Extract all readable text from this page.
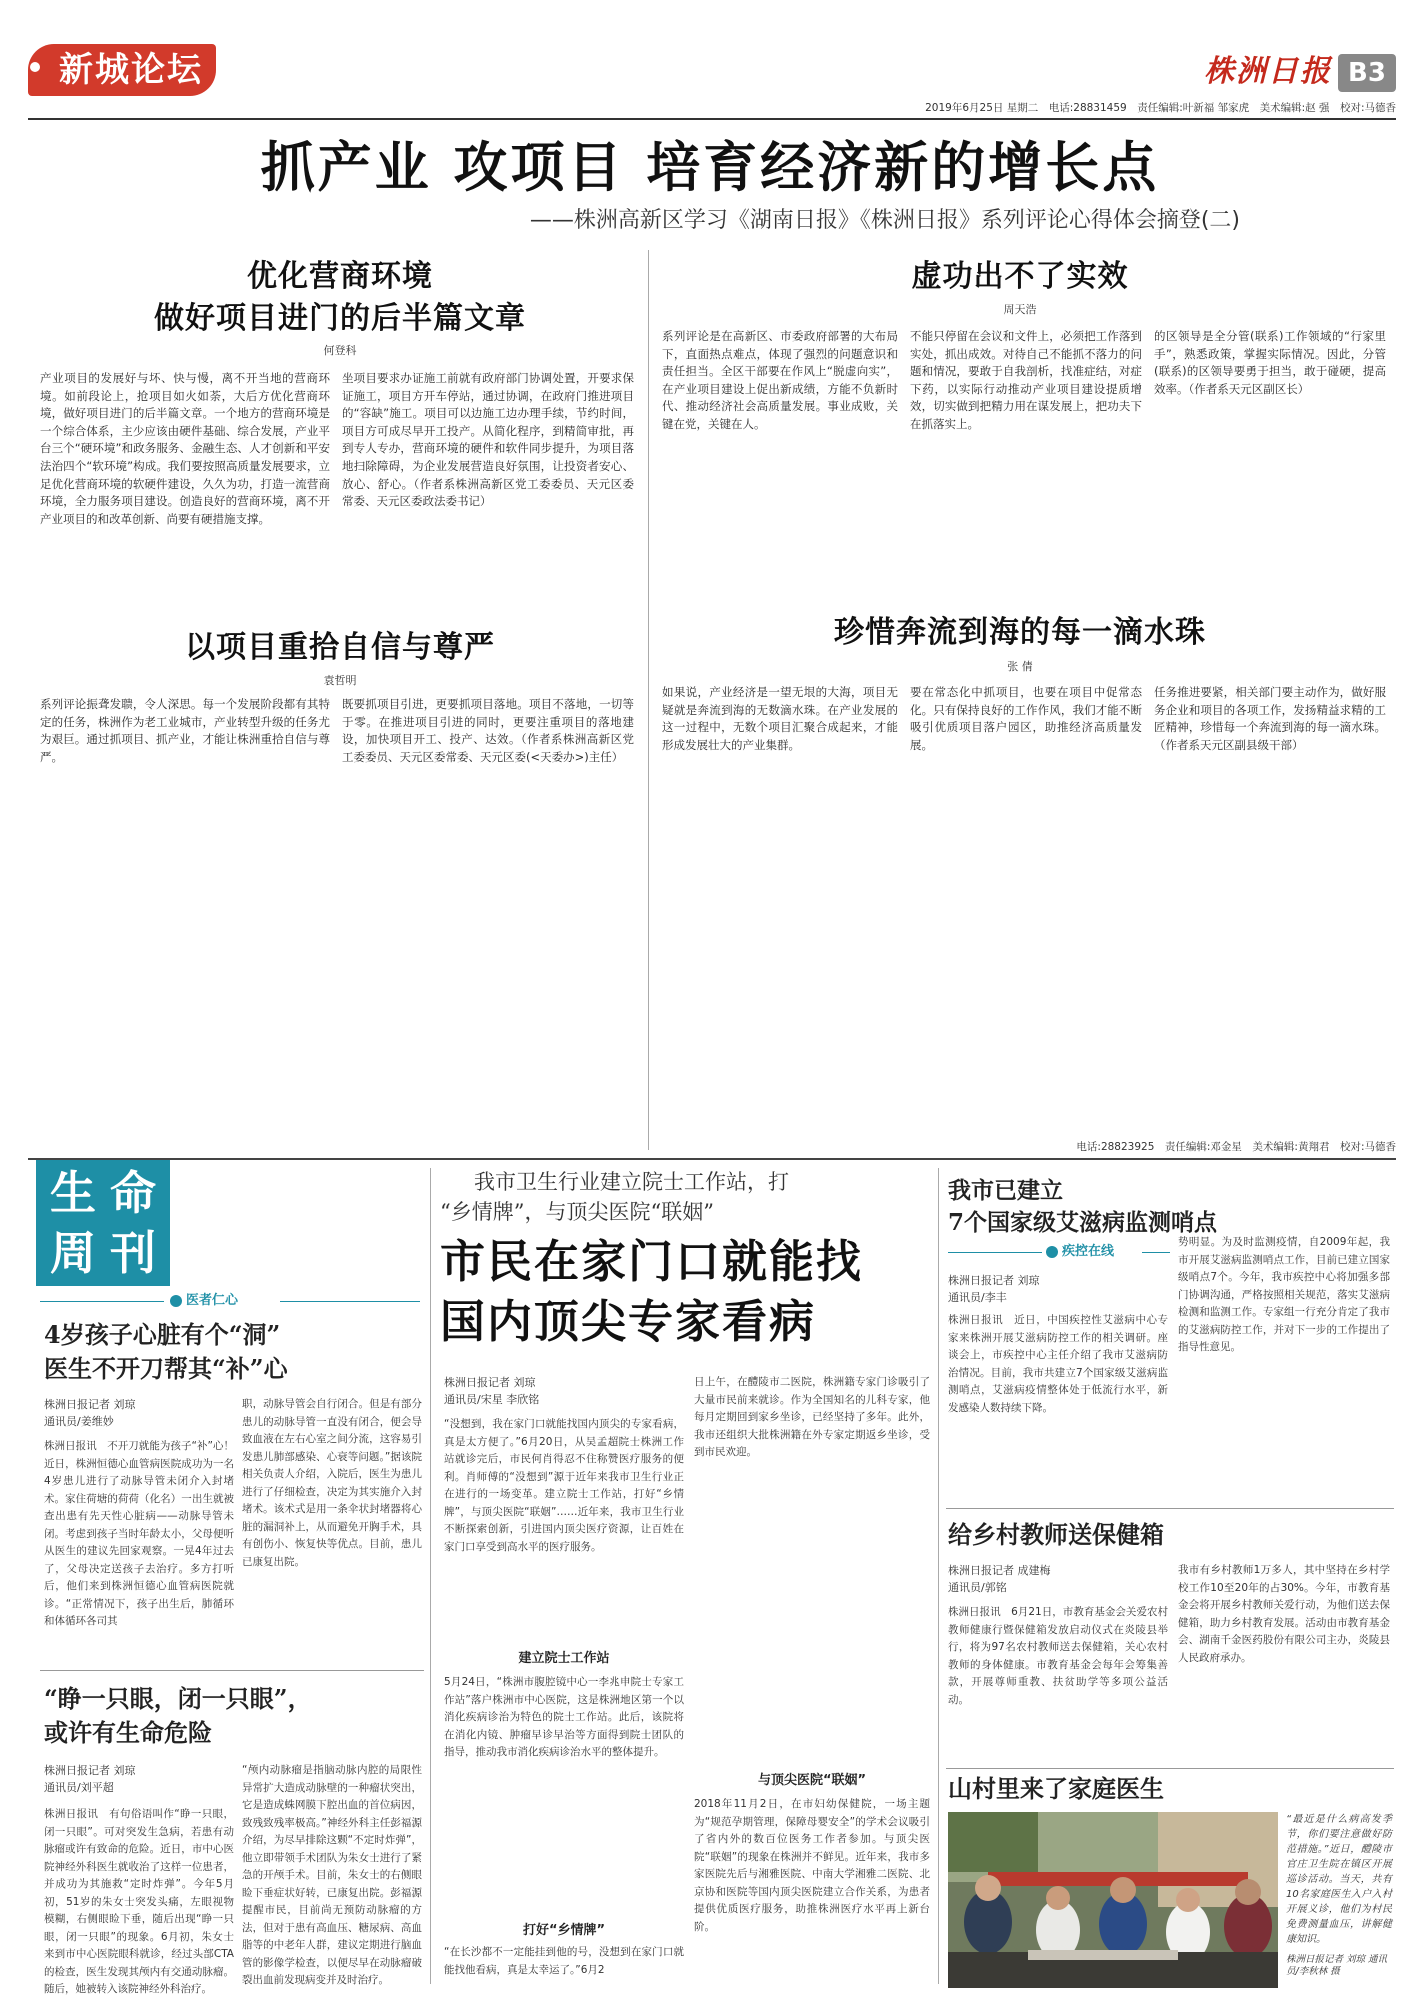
新城论坛	株洲日报 B3
2019年6月25日 星期二　电话:28831459　责任编辑:叶新福 邹家虎　美术编辑:赵 强　校对:马德香
抓产业 攻项目 培育经济新的增长点
——株洲高新区学习《湖南日报》《株洲日报》系列评论心得体会摘登(二)
优化营商环境
做好项目进门的后半篇文章
何登科
产业项目的发展好与坏、快与慢，离不开当地的营商环境。如前段论上，抢项目如火如荼，大后方优化营商环境，做好项目进门的后半篇文章。一个地方的营商环境是一个综合体系，主少应该由硬件基础、综合发展，产业平台三个“硬环境”和政务服务、金融生态、人才创新和平安法治四个“软环境”构成。我们要按照高质量发展要求，立足优化营商环境的软硬件建设，久久为功，打造一流营商环境，全力服务项目建设。创造良好的营商环境，离不开产业项目的和改革创新、尚要有硬措施支撑。
坐项目要求办证施工前就有政府部门协调处置，开要求保证施工，项目方开车停站，通过协调，在政府门推进项目的“容缺”施工。项目可以边施工边办理手续，节约时间，项目方可成尽早开工投产。从简化程序，到精简审批，再到专人专办，营商环境的硬件和软件同步提升，为项目落地扫除障碍，为企业发展营造良好氛围，让投资者安心、放心、舒心。（作者系株洲高新区党工委委员、天元区委常委、天元区委政法委书记）
虚功出不了实效
周天浩
系列评论是在高新区、市委政府部署的大布局下，直面热点难点，体现了强烈的问题意识和责任担当。全区干部要在作风上“脱虚向实”，在产业项目建设上促出新成绩，方能不负新时代、推动经济社会高质量发展。事业成败，关键在党，关键在人。
不能只停留在会议和文件上，必须把工作落到实处，抓出成效。对待自己不能抓不落力的问题和情况，要敢于自我剖析，找准症结，对症下药，以实际行动推动产业项目建设提质增效，切实做到把精力用在谋发展上，把功夫下在抓落实上。
的区领导是全分管(联系)工作领域的“行家里手”，熟悉政策，掌握实际情况。因此，分管(联系)的区领导要勇于担当，敢于碰硬，提高效率。（作者系天元区副区长）
以项目重拾自信与尊严
袁哲明
系列评论振聋发聩，令人深思。每一个发展阶段都有其特定的任务，株洲作为老工业城市，产业转型升级的任务尤为艰巨。通过抓项目、抓产业，才能让株洲重拾自信与尊严。
既要抓项目引进，更要抓项目落地。项目不落地，一切等于零。在推进项目引进的同时，更要注重项目的落地建设，加快项目开工、投产、达效。（作者系株洲高新区党工委委员、天元区委常委、天元区委(<天委办>)主任）
珍惜奔流到海的每一滴水珠
张 倩
如果说，产业经济是一望无垠的大海，项目无疑就是奔流到海的无数滴水珠。在产业发展的这一过程中，无数个项目汇聚合成起来，才能形成发展壮大的产业集群。
要在常态化中抓项目，也要在项目中促常态化。只有保持良好的工作作风，我们才能不断吸引优质项目落户园区，助推经济高质量发展。
任务推进要紧，相关部门要主动作为，做好服务企业和项目的各项工作，发扬精益求精的工匠精神，珍惜每一个奔流到海的每一滴水珠。（作者系天元区副县级干部）
电话:28823925　责任编辑:邓金星　美术编辑:黄翔君　校对:马德香
生 命
周 刊
医者仁心
4岁孩子心脏有个“洞”
医生不开刀帮其“补”心
株洲日报记者 刘琼
通讯员/姜维妙
株洲日报讯　不开刀就能为孩子“补”心！近日，株洲恒德心血管病医院成功为一名4岁患儿进行了动脉导管未闭介入封堵术。家住荷塘的荷荷（化名）一出生就被查出患有先天性心脏病——动脉导管未闭。考虑到孩子当时年龄太小，父母便听从医生的建议先回家观察。一晃4年过去了，父母决定送孩子去治疗。多方打听后，他们来到株洲恒德心血管病医院就诊。“正常情况下，孩子出生后，肺循环和体循环各司其
职，动脉导管会自行闭合。但是有部分患儿的动脉导管一直没有闭合，便会导致血液在左右心室之间分流，这容易引发患儿肺部感染、心衰等问题。”据该院相关负责人介绍，入院后，医生为患儿进行了仔细检查，决定为其实施介入封堵术。该术式是用一条伞状封堵器将心脏的漏洞补上，从而避免开胸手术，具有创伤小、恢复快等优点。目前，患儿已康复出院。
“睁一只眼，闭一只眼”，
或许有生命危险
株洲日报记者 刘琼
通讯员/刘平超
株洲日报讯　有句俗语叫作“睁一只眼，闭一只眼”。可对突发生急病，若患有动脉瘤或许有致命的危险。近日，市中心医院神经外科医生就收治了这样一位患者，并成功为其施救“定时炸弹”。今年5月初，51岁的朱女士突发头痛，左眼视物模糊，右侧眼睑下垂，随后出现“睁一只眼，闭一只眼”的现象。6月初，朱女士来到市中心医院眼科就诊，经过头部CTA的检查，医生发现其颅内有交通动脉瘤。随后，她被转入该院神经外科治疗。
“颅内动脉瘤是指脑动脉内腔的局限性异常扩大造成动脉壁的一种瘤状突出，它是造成蛛网膜下腔出血的首位病因，致残致残率极高。”神经外科主任彭福源介绍，为尽早排除这颗“不定时炸弹”，他立即带领手术团队为朱女士进行了紧急的开颅手术。目前，朱女士的右侧眼睑下垂症状好转，已康复出院。彭福源提醒市民，目前尚无预防动脉瘤的方法，但对于患有高血压、糖尿病、高血脂等的中老年人群，建议定期进行脑血管的影像学检查，以便尽早在动脉瘤破裂出血前发现病变并及时治疗。
我市卫生行业建立院士工作站，打
“乡情牌”，与顶尖医院“联姻”
市民在家门口就能找
国内顶尖专家看病
株洲日报记者 刘琼
通讯员/宋星 李欣铭
“没想到，我在家门口就能找国内顶尖的专家看病，真是太方便了。”6月20日，从吴孟超院士株洲工作站就诊完后，市民何肖得忍不住称赞医疗服务的便利。肖师傅的“没想到”源于近年来我市卫生行业正在进行的一场变革。建立院士工作站，打好“乡情牌”，与顶尖医院“联姻”……近年来，我市卫生行业不断探索创新，引进国内顶尖医疗资源，让百姓在家门口享受到高水平的医疗服务。
建立院士工作站
5月24日，“株洲市腹腔镜中心一李兆申院士专家工作站”落户株洲市中心医院，这是株洲地区第一个以消化疾病诊治为特色的院士工作站。此后，该院将在消化内镜、肿瘤早诊早治等方面得到院士团队的指导，推动我市消化疾病诊治水平的整体提升。
打好“乡情牌”
“在长沙都不一定能挂到他的号，没想到在家门口就能找他看病，真是太幸运了。”6月2
日上午，在醴陵市二医院，株洲籍专家门诊吸引了大量市民前来就诊。作为全国知名的儿科专家，他每月定期回到家乡坐诊，已经坚持了多年。此外，我市还组织大批株洲籍在外专家定期返乡坐诊，受到市民欢迎。
与顶尖医院“联姻”
2018年11月2日，在市妇幼保健院，一场主题为“规范孕期管理，保障母婴安全”的学术会议吸引了省内外的数百位医务工作者参加。与顶尖医院“联姻”的现象在株洲并不鲜见。近年来，我市多家医院先后与湘雅医院、中南大学湘雅二医院、北京协和医院等国内顶尖医院建立合作关系，为患者提供优质医疗服务，助推株洲医疗水平再上新台阶。
我市已建立
7个国家级艾滋病监测哨点
疾控在线
株洲日报记者 刘琼
通讯员/李丰
株洲日报讯　近日，中国疾控性艾滋病中心专家来株洲开展艾滋病防控工作的相关调研。座谈会上，市疾控中心主任介绍了我市艾滋病防治情况。目前，我市共建立7个国家级艾滋病监测哨点，艾滋病疫情整体处于低流行水平，新发感染人数持续下降。
势明显。为及时监测疫情，自2009年起，我市开展艾滋病监测哨点工作，目前已建立国家级哨点7个。今年，我市疾控中心将加强多部门协调沟通，严格按照相关规范，落实艾滋病检测和监测工作。专家组一行充分肯定了我市的艾滋病防控工作，并对下一步的工作提出了指导性意见。
给乡村教师送保健箱
株洲日报记者 成建梅
通讯员/郭铭
株洲日报讯　6月21日，市教育基金会关爱农村教师健康行暨保健箱发放启动仪式在炎陵县举行，将为97名农村教师送去保健箱，关心农村教师的身体健康。市教育基金会每年会筹集善款，开展尊师重教、扶贫助学等多项公益活动。
我市有乡村教师1万多人，其中坚持在乡村学校工作10至20年的占30%。今年，市教育基金会将开展乡村教师关爱行动，为他们送去保健箱，助力乡村教育发展。活动由市教育基金会、湖南千金医药股份有限公司主办，炎陵县人民政府承办。
山村里来了家庭医生
“最近是什么病高发季节，你们要注意做好防范措施。”近日，醴陵市官庄卫生院在镇区开展巡诊活动。当天，共有10名家庭医生入户入村开展义诊，他们为村民免费测量血压，讲解健康知识。
株洲日报记者 刘琼 通讯员/李秋林 摄
